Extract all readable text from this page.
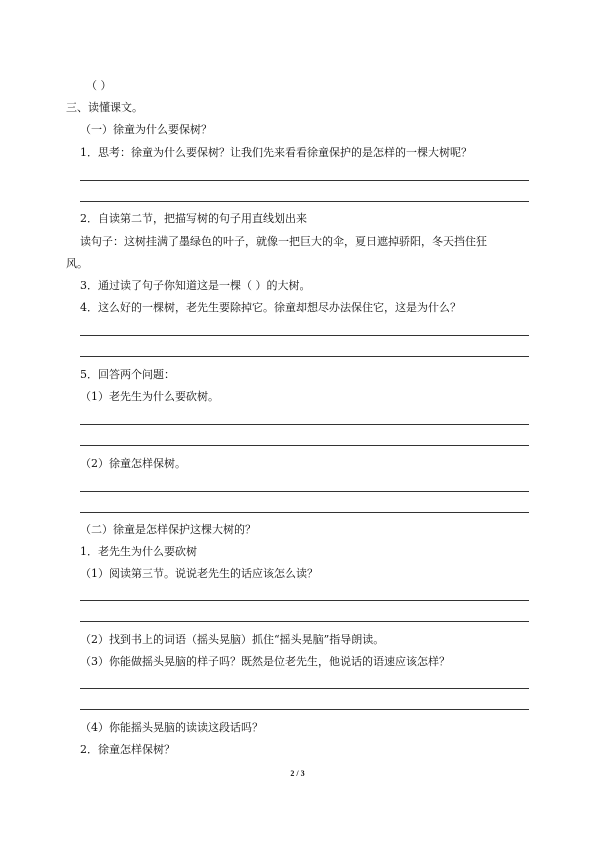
（ ）
三、读懂课文。
（一）徐童为什么要保树？
1．思考：徐童为什么要保树？让我们先来看看徐童保护的是怎样的一棵大树呢？
2．自读第二节，把描写树的句子用直线划出来
读句子：这树挂满了墨绿色的叶子，就像一把巨大的伞，夏日遮掉骄阳，冬天挡住狂
风。
3．通过读了句子你知道这是一棵（ ）的大树。
4．这么好的一棵树，老先生要除掉它。徐童却想尽办法保住它，这是为什么？
5．回答两个问题：
（1）老先生为什么要砍树。
（2）徐童怎样保树。
（二）徐童是怎样保护这棵大树的？
1．老先生为什么要砍树
（1）阅读第三节。说说老先生的话应该怎么读？
（2）找到书上的词语（摇头晃脑）抓住“摇头晃脑”指导朗读。
（3）你能做摇头晃脑的样子吗？既然是位老先生，他说话的语速应该怎样？
（4）你能摇头晃脑的读读这段话吗？
2．徐童怎样保树？
2 / 3
